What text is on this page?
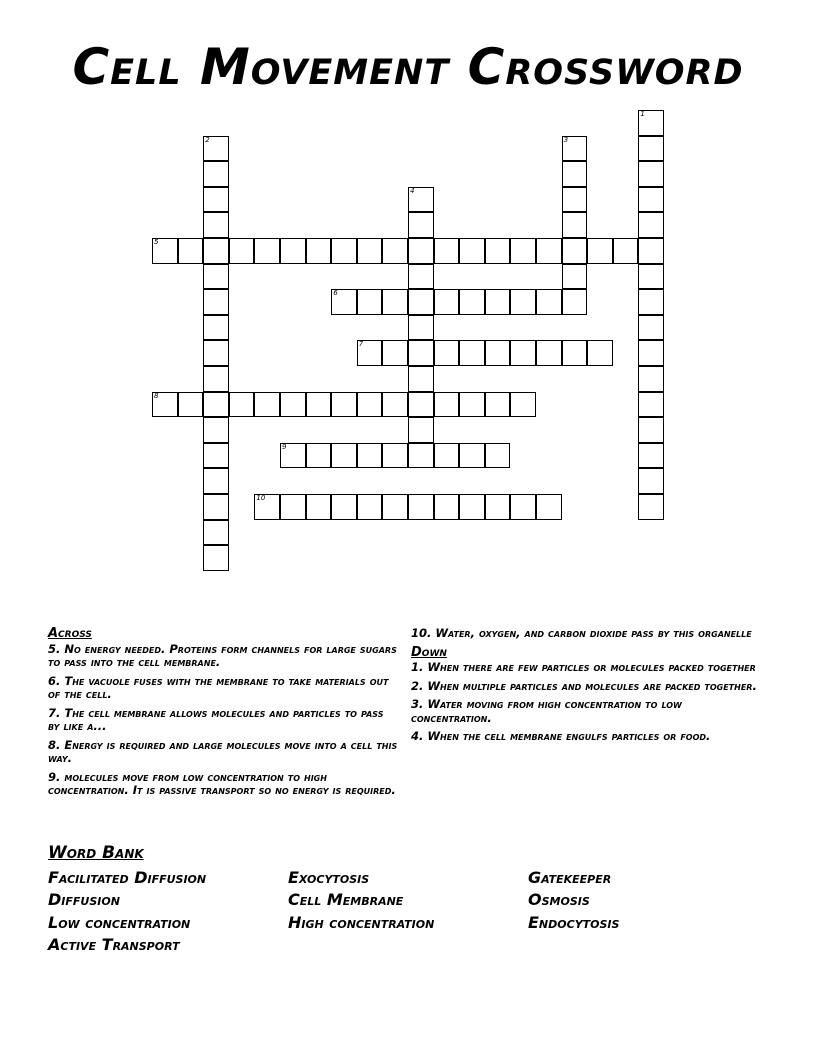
Cell Movement Crossword
1
2	3
4
5
6
7
8
9
10
Across
5. No energy needed. Proteins form channels for large sugars to pass into the cell membrane.
6. The vacuole fuses with the membrane to take materials out of the cell.
7. The cell membrane allows molecules and particles to pass by like a...
8. Energy is required and large molecules move into a cell this way.
9. molecules move from low concentration to high concentration. It is passive transport so no energy is required.
10. Water, oxygen, and carbon dioxide pass by this organelle
Down
1. When there are few particles or molecules packed together
2. When multiple particles and molecules are packed together.
3. Water moving from high concentration to low concentration.
4. When the cell membrane engulfs particles or food.
Word Bank
Facilitated Diffusion	Exocytosis	Gatekeeper
Diffusion	Cell Membrane	Osmosis
Low concentration	High concentration	Endocytosis
Active Transport
